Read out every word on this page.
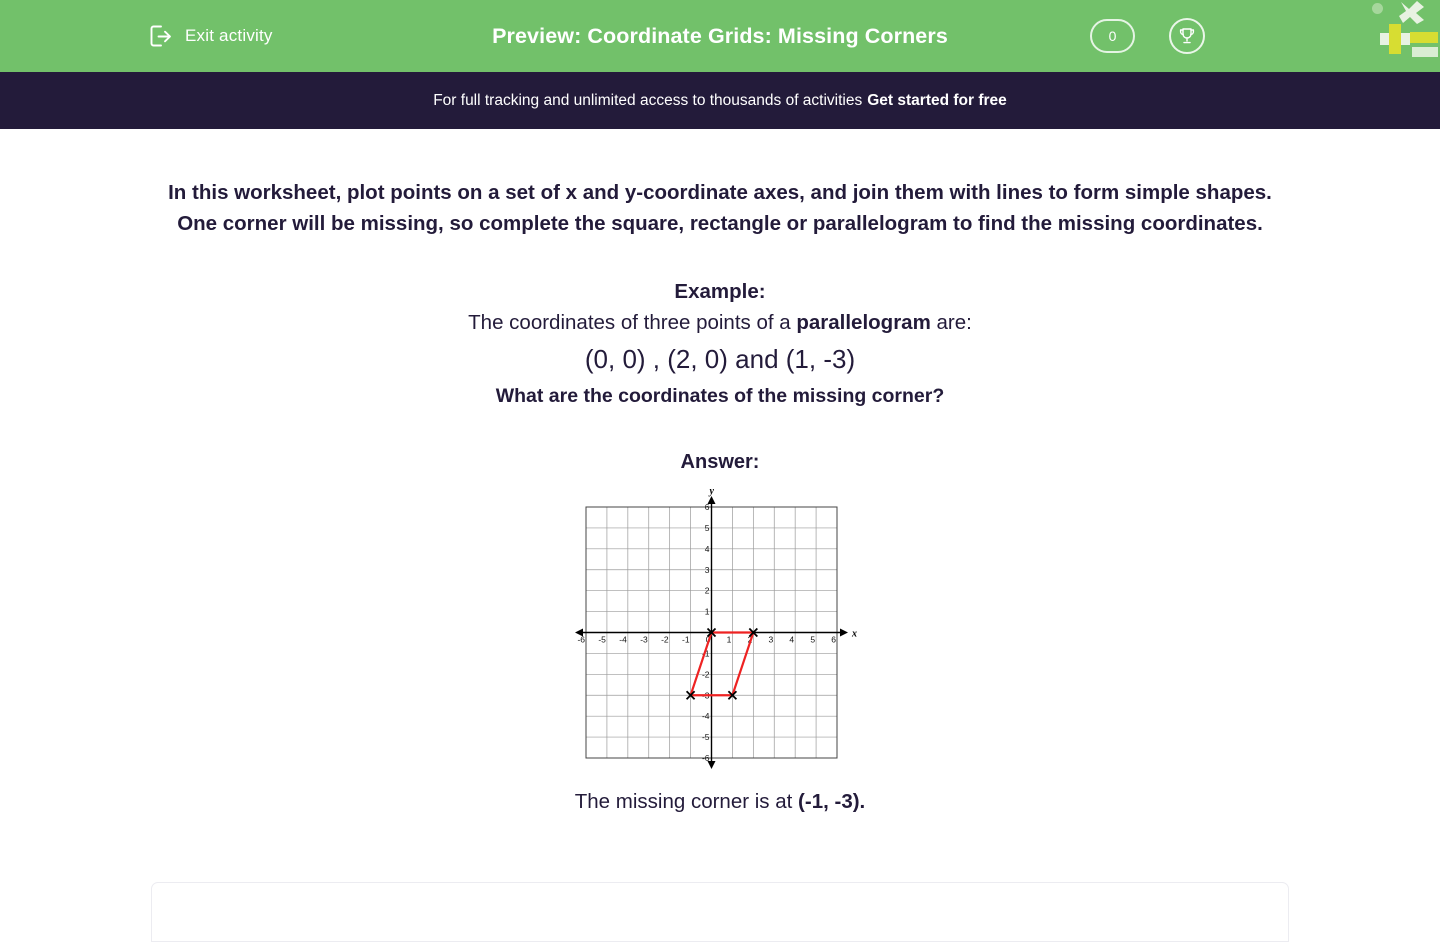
Exit activity	Preview: Coordinate Grids: Missing Corners	0
For full tracking and unlimited access to thousands of activities Get started for free

In this worksheet, plot points on a set of x and y-coordinate axes, and join them with lines to form simple shapes.

One corner will be missing, so complete the square, rectangle or parallelogram to find the missing coordinates.

Example:
The coordinates of three points of a parallelogram are:
(0, 0) , (2, 0) and (1, -3)
What are the coordinates of the missing corner?
Answer:
-6 -5 -4 -3 -2 -1 0 1 2 3 4 5 6
6
5
4
3
2
1
-1
-2
-3
-4
-5
-6
x
y
The missing corner is at (-1, -3).
